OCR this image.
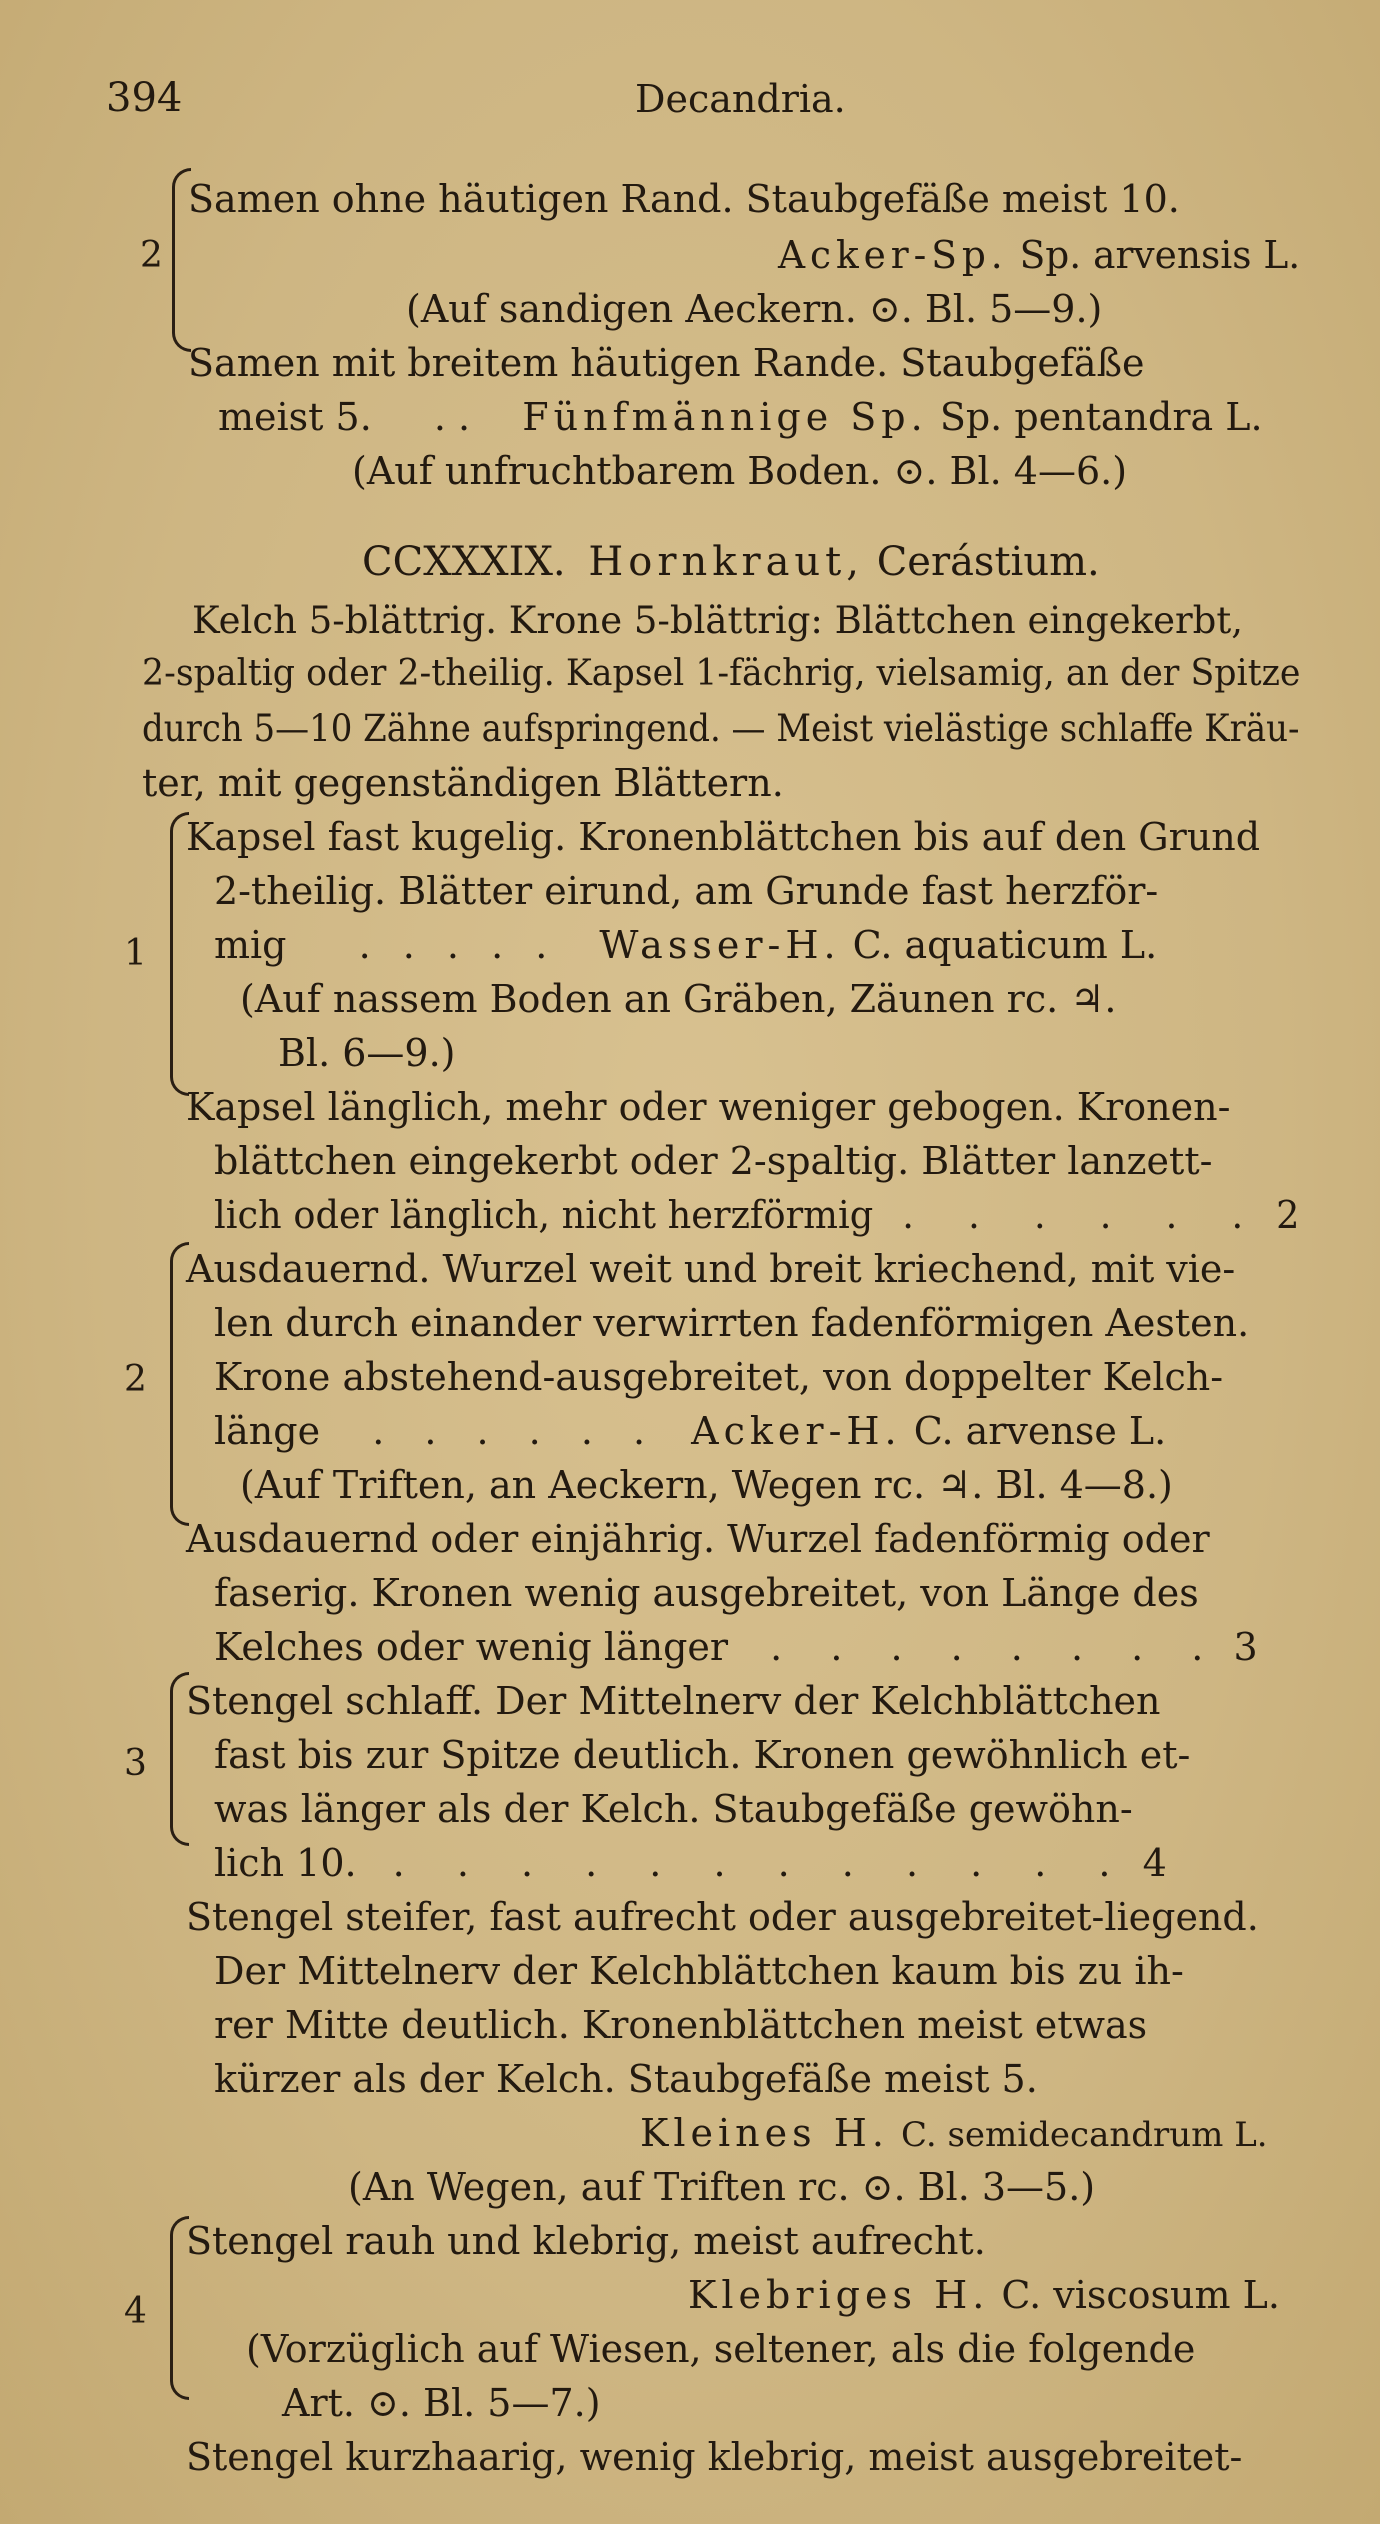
394	Decandria.
2
Samen ohne häutigen Rand. Staubgefäße meist 10.
Acker-Sp. Sp. arvensis L.
(Auf sandigen Aeckern. ⊙. Bl. 5—9.)
Samen mit breitem häutigen Rande. Staubgefäße
meist 5. . . Fünfmännige Sp. Sp. pentandra L.
(Auf unfruchtbarem Boden. ⊙. Bl. 4—6.)
CCXXXIX. Hornkraut, Cerástium.
Kelch 5-blättrig. Krone 5-blättrig: Blättchen eingekerbt,
2-spaltig oder 2-theilig. Kapsel 1-fächrig, vielsamig, an der Spitze
durch 5—10 Zähne aufspringend. — Meist vielästige schlaffe Kräu-
ter, mit gegenständigen Blättern.
1
Kapsel fast kugelig. Kronenblättchen bis auf den Grund
2-theilig. Blätter eirund, am Grunde fast herzför-
mig . . . . . Wasser-H. C. aquaticum L.
(Auf nassem Boden an Gräben, Zäunen rc. ♃.
Bl. 6—9.)
Kapsel länglich, mehr oder weniger gebogen. Kronen-
blättchen eingekerbt oder 2-spaltig. Blätter lanzett-
lich oder länglich, nicht herzförmig . . . . . . 2
2
Ausdauernd. Wurzel weit und breit kriechend, mit vie-
len durch einander verwirrten fadenförmigen Aesten.
Krone abstehend-ausgebreitet, von doppelter Kelch-
länge . . . . . . Acker-H. C. arvense L.
(Auf Triften, an Aeckern, Wegen rc. ♃. Bl. 4—8.)
Ausdauernd oder einjährig. Wurzel fadenförmig oder
faserig. Kronen wenig ausgebreitet, von Länge des
Kelches oder wenig länger . . . . . . . . 3
3
Stengel schlaff. Der Mittelnerv der Kelchblättchen
fast bis zur Spitze deutlich. Kronen gewöhnlich et-
was länger als der Kelch. Staubgefäße gewöhn-
lich 10. . . . . . . . . . . . . 4
Stengel steifer, fast aufrecht oder ausgebreitet-liegend.
Der Mittelnerv der Kelchblättchen kaum bis zu ih-
rer Mitte deutlich. Kronenblättchen meist etwas
kürzer als der Kelch. Staubgefäße meist 5.
Kleines H. C. semidecandrum L.
(An Wegen, auf Triften rc. ⊙. Bl. 3—5.)
4
Stengel rauh und klebrig, meist aufrecht.
Klebriges H. C. viscosum L.
(Vorzüglich auf Wiesen, seltener, als die folgende
Art. ⊙. Bl. 5—7.)
Stengel kurzhaarig, wenig klebrig, meist ausgebreitet-
